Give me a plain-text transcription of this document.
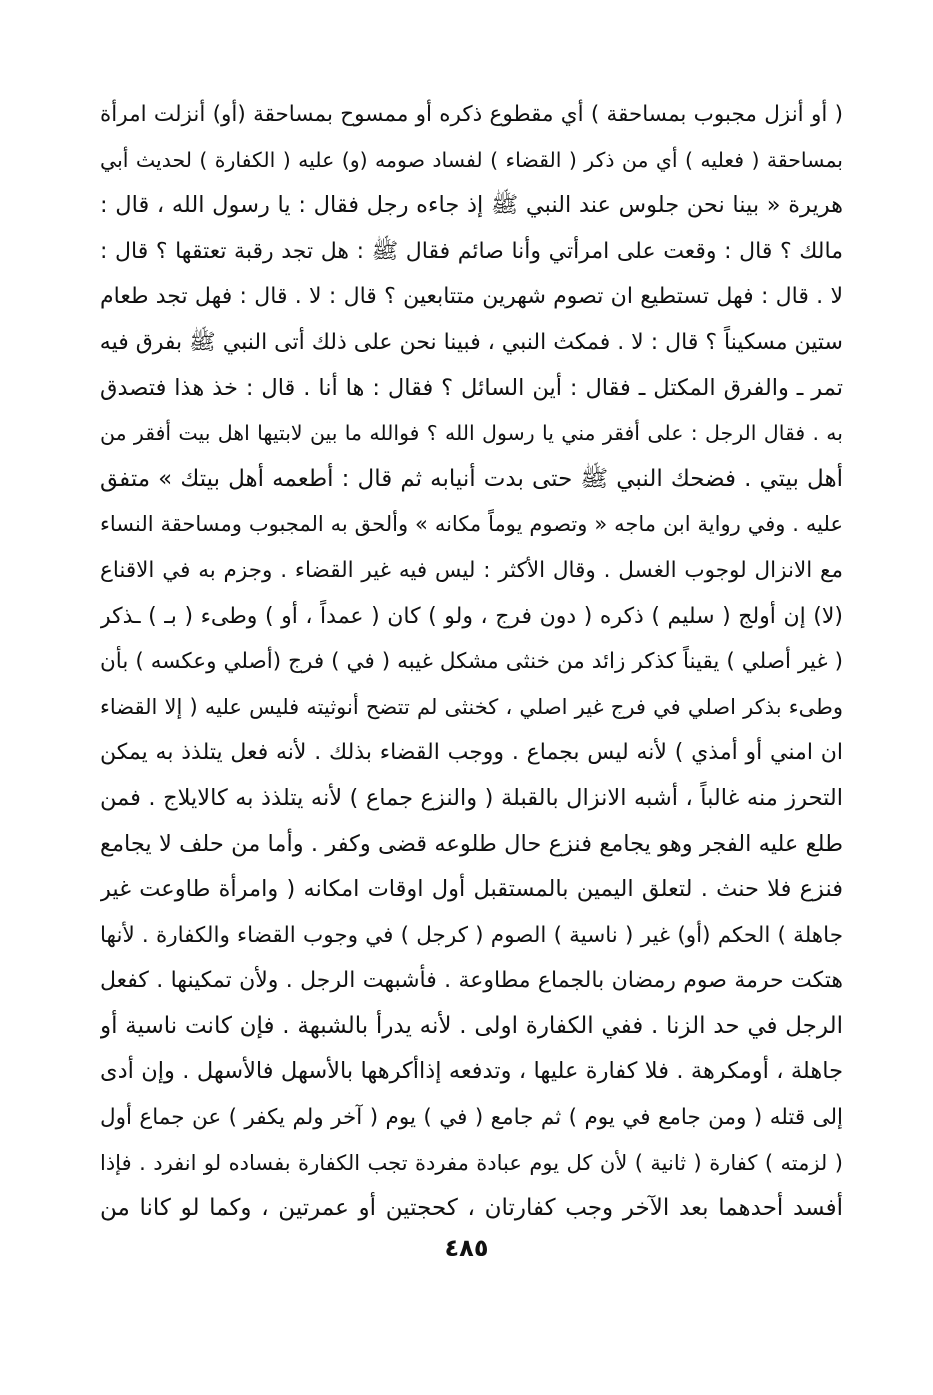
( أو أنزل مجبوب بمساحقة ) أي مقطوع ذكره أو ممسوح بمساحقة (أو) أنزلت امرأة
بمساحقة ( فعليه ) أي من ذكر ( القضاء ) لفساد صومه (و) عليه ( الكفارة ) لحديث أبي
هريرة « بينا نحن جلوس عند النبي ﷺ إذ جاءه رجل فقال : يا رسول الله ، قال :
مالك ؟ قال : وقعت على امرأتي وأنا صائم فقال ﷺ : هل تجد رقبة تعتقها ؟ قال :
لا . قال : فهل تستطيع ان تصوم شهرين متتابعين ؟ قال : لا . قال : فهل تجد طعام
ستين مسكيناً ؟ قال : لا . فمكث النبي ، فبينا نحن على ذلك أتى النبي ﷺ بفرق فيه
تمر ـ والفرق المكتل ـ فقال : أين السائل ؟ فقال : ها أنا . قال : خذ هذا فتصدق
به . فقال الرجل : على أفقر مني يا رسول الله ؟ فوالله ما بين لابتيها اهل بيت أفقر من
أهل بيتي . فضحك النبي ﷺ حتى بدت أنيابه ثم قال : أطعمه أهل بيتك » متفق
عليه . وفي رواية ابن ماجه « وتصوم يوماً مكانه » وألحق به المجبوب ومساحقة النساء
مع الانزال لوجوب الغسل . وقال الأكثر : ليس فيه غير القضاء . وجزم به في الاقناع
(لا) إن أولج ( سليم ) ذكره ( دون فرج ، ولو ) كان ( عمداً ، أو ) وطىء ( بـ ) ـذكر
( غير أصلي ) يقيناً كذكر زائد من خنثى مشكل غيبه ( في ) فرج (أصلي وعكسه ) بأن
وطىء بذكر اصلي في فرج غير اصلي ، كخنثى لم تتضح أنوثيته فليس عليه ( إلا القضاء
ان امني أو أمذي ) لأنه ليس بجماع . ووجب القضاء بذلك . لأنه فعل يتلذذ به يمكن
التحرز منه غالباً ، أشبه الانزال بالقبلة ( والنزع جماع ) لأنه يتلذذ به كالايلاج . فمن
طلع عليه الفجر وهو يجامع فنزع حال طلوعه قضى وكفر . وأما من حلف لا يجامع
فنزع فلا حنث . لتعلق اليمين بالمستقبل أول اوقات امكانه ( وامرأة طاوعت غير
جاهلة ) الحكم (أو) غير ( ناسية ) الصوم ( كرجل ) في وجوب القضاء والكفارة . لأنها
هتكت حرمة صوم رمضان بالجماع مطاوعة . فأشبهت الرجل . ولأن تمكينها . كفعل
الرجل في حد الزنا . ففي الكفارة اولى . لأنه يدرأ بالشبهة . فإن كانت ناسية أو
جاهلة ، أومكرهة . فلا كفارة عليها ، وتدفعه إذاأكرهها بالأسهل فالأسهل . وإن أدى
إلى قتله ( ومن جامع في يوم ) ثم جامع ( في ) يوم ( آخر ولم يكفر ) عن جماع أول
( لزمته ) كفارة ( ثانية ) لأن كل يوم عبادة مفردة تجب الكفارة بفساده لو انفرد . فإذا
أفسد أحدهما بعد الآخر وجب كفارتان ، كحجتين أو عمرتين ، وكما لو كانا من
٤٨٥
